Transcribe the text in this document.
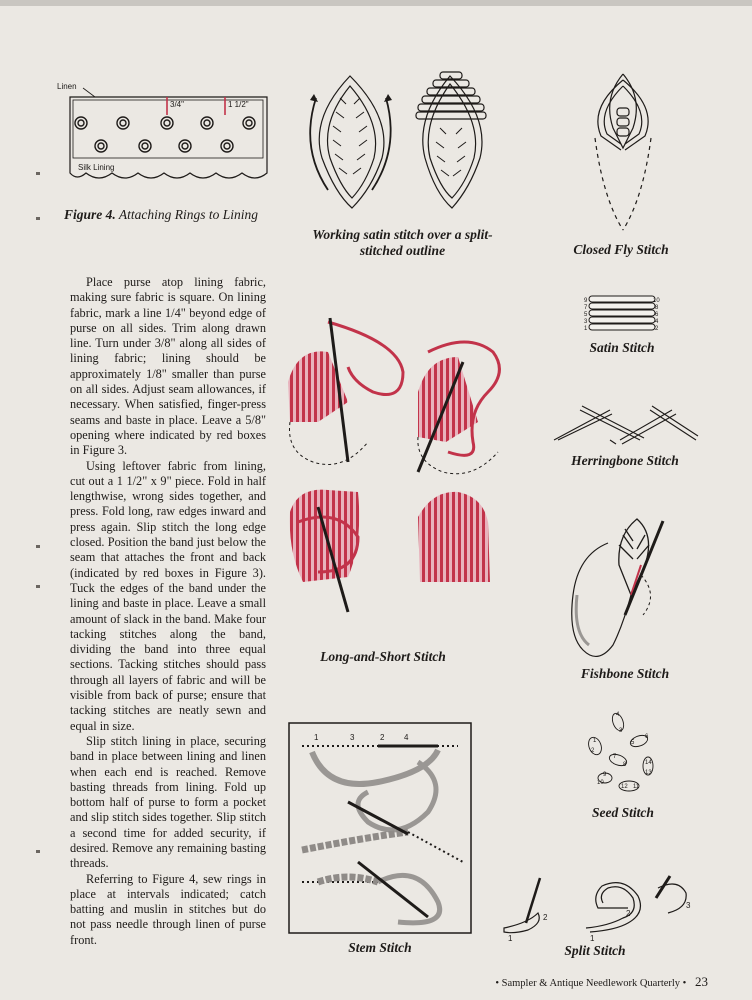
Linen
3/4"	1 1/2"
Silk Lining
Figure 4. Attaching Rings to Lining
Working satin stitch over a split-stitched outline	Closed Fly Stitch
9
7
5
3
1
10
8
6
4
2
Satin Stitch
Herringbone Stitch
Long-and-Short Stitch
Fishbone Stitch
1
2
4
3
5
6
7
8	14
13
9
10
12 11
Seed Stitch
1	3	2 4
Stem Stitch
1
2
1
2
3
Split Stitch

Place purse atop lining fabric, making sure fabric is square. On lining fabric, mark a line 1/4" beyond edge of purse on all sides. Trim along drawn line. Turn under 3/8" along all sides of lining fabric; lining should be approximately 1/8" smaller than purse on all sides. Adjust seam allowances, if necessary. When satisfied, finger-press seams and baste in place. Leave a 5/8" opening where indicated by red boxes in Figure 3.

Using leftover fabric from lining, cut out a 1 1/2" x 9" piece. Fold in half lengthwise, wrong sides together, and press. Fold long, raw edges inward and press again. Slip stitch the long edge closed. Position the band just below the seam that attaches the front and back (indicated by red boxes in Figure 3). Tuck the edges of the band under the lining and baste in place. Leave a small amount of slack in the band. Make four tacking stitches along the band, dividing the band into three equal sections. Tacking stitches should pass through all layers of fabric and will be visible from back of purse; ensure that tacking stitches are neatly sewn and equal in size.

Slip stitch lining in place, securing band in place between lining and linen when each end is reached. Remove basting threads from lining. Fold up bottom half of purse to form a pocket and slip stitch sides together. Slip stitch a second time for added security, if desired. Remove any remaining basting threads.

Referring to Figure 4, sew rings in place at intervals indicated; catch batting and muslin in stitches but do not pass needle through linen of purse front.

• Sampler & Antique Needlework Quarterly • 23
